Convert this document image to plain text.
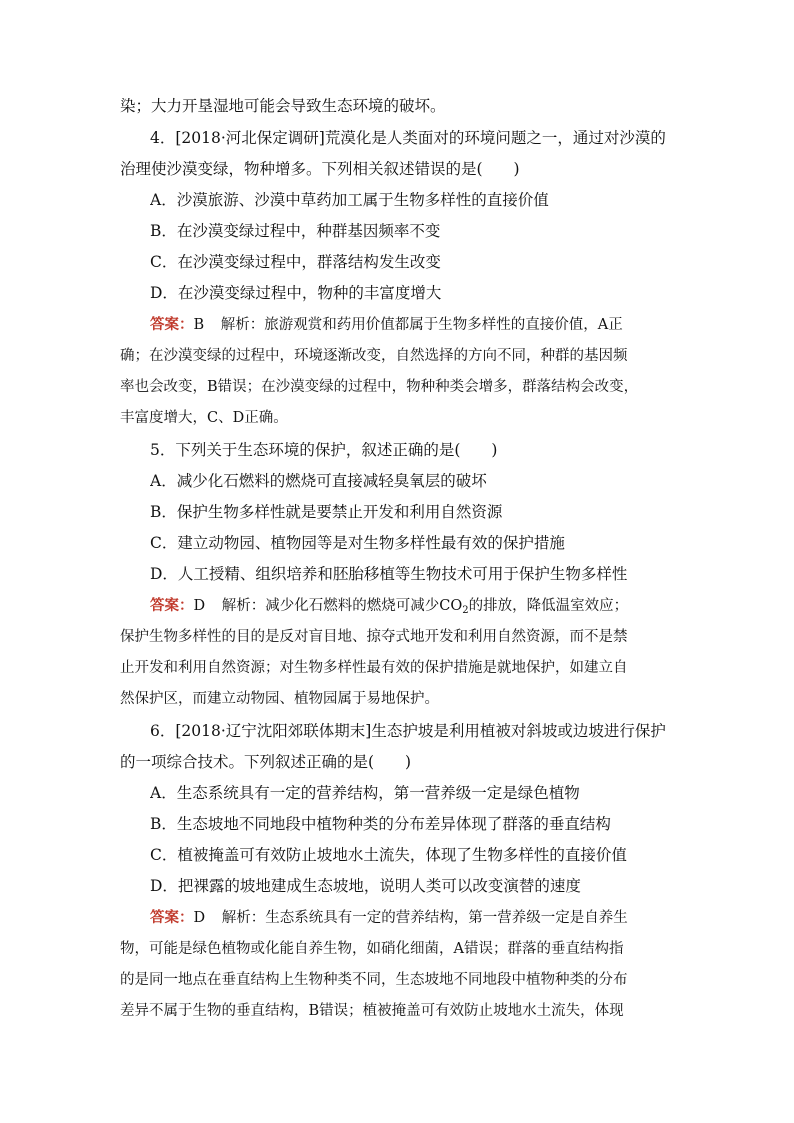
染；大力开垦湿地可能会导致生态环境的破坏。
4．[2018·河北保定调研]荒漠化是人类面对的环境问题之一，通过对沙漠的
治理使沙漠变绿，物种增多。下列相关叙述错误的是(　　)
A．沙漠旅游、沙漠中草药加工属于生物多样性的直接价值
B．在沙漠变绿过程中，种群基因频率不变
C．在沙漠变绿过程中，群落结构发生改变
D．在沙漠变绿过程中，物种的丰富度增大
答案：B 解析：旅游观赏和药用价值都属于生物多样性的直接价值，A正
确；在沙漠变绿的过程中，环境逐渐改变，自然选择的方向不同，种群的基因频
率也会改变，B错误；在沙漠变绿的过程中，物种种类会增多，群落结构会改变，
丰富度增大，C、D正确。
5．下列关于生态环境的保护，叙述正确的是(　　)
A．减少化石燃料的燃烧可直接减轻臭氧层的破坏
B．保护生物多样性就是要禁止开发和利用自然资源
C．建立动物园、植物园等是对生物多样性最有效的保护措施
D．人工授精、组织培养和胚胎移植等生物技术可用于保护生物多样性
答案：D 解析：减少化石燃料的燃烧可减少$CO_2$的排放，降低温室效应；
保护生物多样性的目的是反对盲目地、掠夺式地开发和利用自然资源，而不是禁
止开发和利用自然资源；对生物多样性最有效的保护措施是就地保护，如建立自
然保护区，而建立动物园、植物园属于易地保护。
6．[2018·辽宁沈阳郊联体期末]生态护坡是利用植被对斜坡或边坡进行保护
的一项综合技术。下列叙述正确的是(　　)
A．生态系统具有一定的营养结构，第一营养级一定是绿色植物
B．生态坡地不同地段中植物种类的分布差异体现了群落的垂直结构
C．植被掩盖可有效防止坡地水土流失，体现了生物多样性的直接价值
D．把裸露的坡地建成生态坡地，说明人类可以改变演替的速度
答案：D 解析：生态系统具有一定的营养结构，第一营养级一定是自养生
物，可能是绿色植物或化能自养生物，如硝化细菌，A错误；群落的垂直结构指
的是同一地点在垂直结构上生物种类不同，生态坡地不同地段中植物种类的分布
差异不属于生物的垂直结构，B错误；植被掩盖可有效防止坡地水土流失，体现
